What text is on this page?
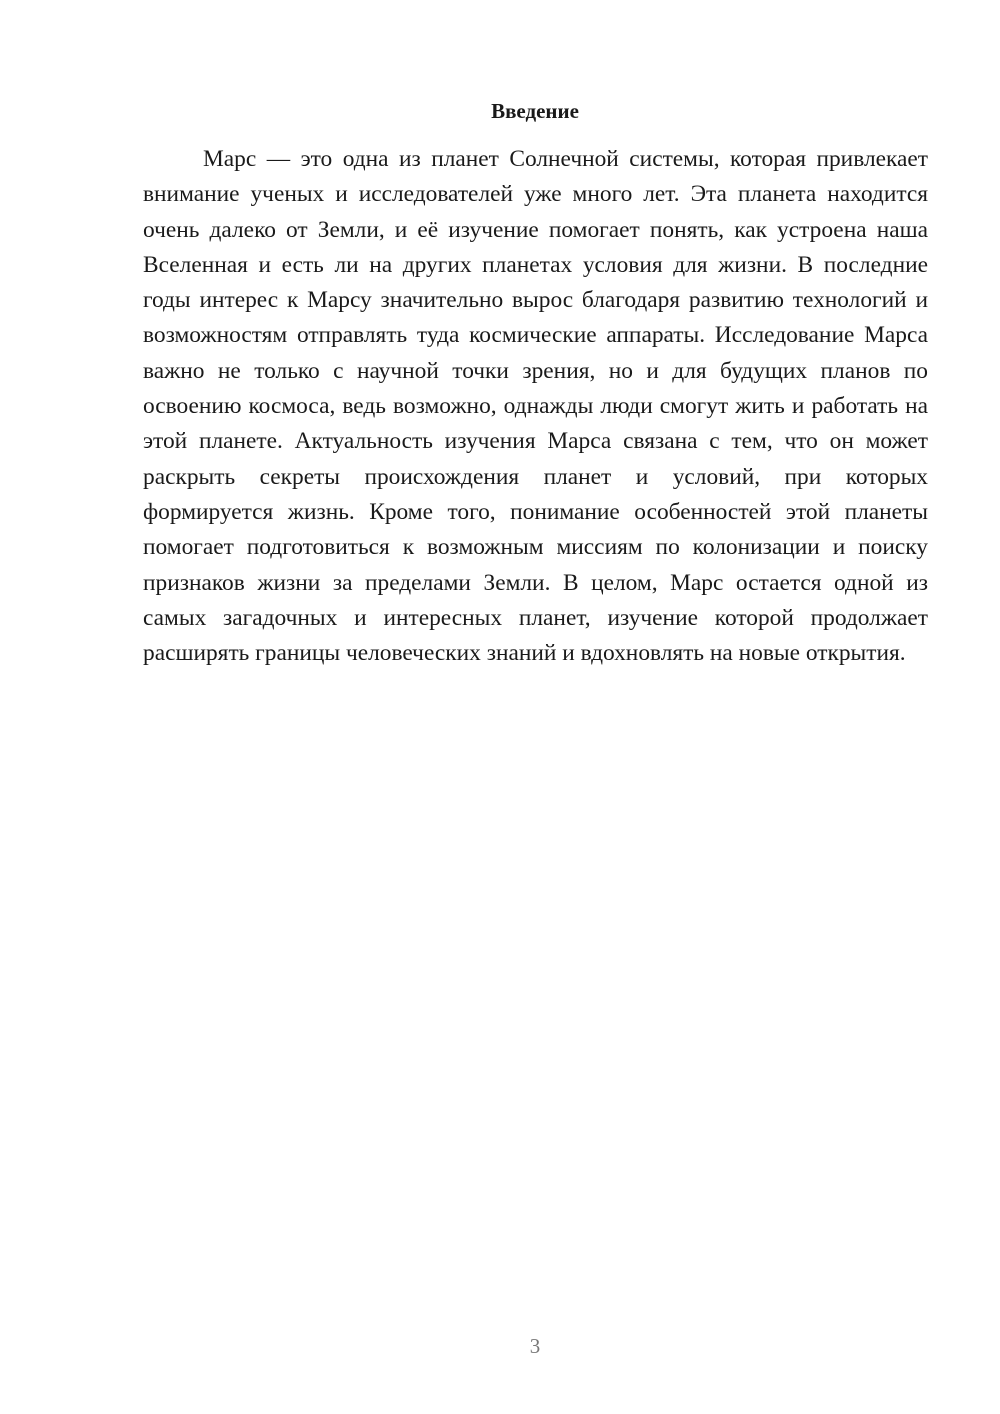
Введение

Марс — это одна из планет Солнечной системы, которая привлекает внимание ученых и исследователей уже много лет. Эта планета находится очень далеко от Земли, и её изучение помогает понять, как устроена наша Вселенная и есть ли на других планетах условия для жизни. В последние годы интерес к Марсу значительно вырос благодаря развитию технологий и возможностям отправлять туда космические аппараты. Исследование Марса важно не только с научной точки зрения, но и для будущих планов по освоению космоса, ведь возможно, однажды люди смогут жить и работать на этой планете. Актуальность изучения Марса связана с тем, что он может раскрыть секреты происхождения планет и условий, при которых формируется жизнь. Кроме того, понимание особенностей этой планеты помогает подготовиться к возможным миссиям по колонизации и поиску признаков жизни за пределами Земли. В целом, Марс остается одной из самых загадочных и интересных планет, изучение которой продолжает расширять границы человеческих знаний и вдохновлять на новые открытия.

3
